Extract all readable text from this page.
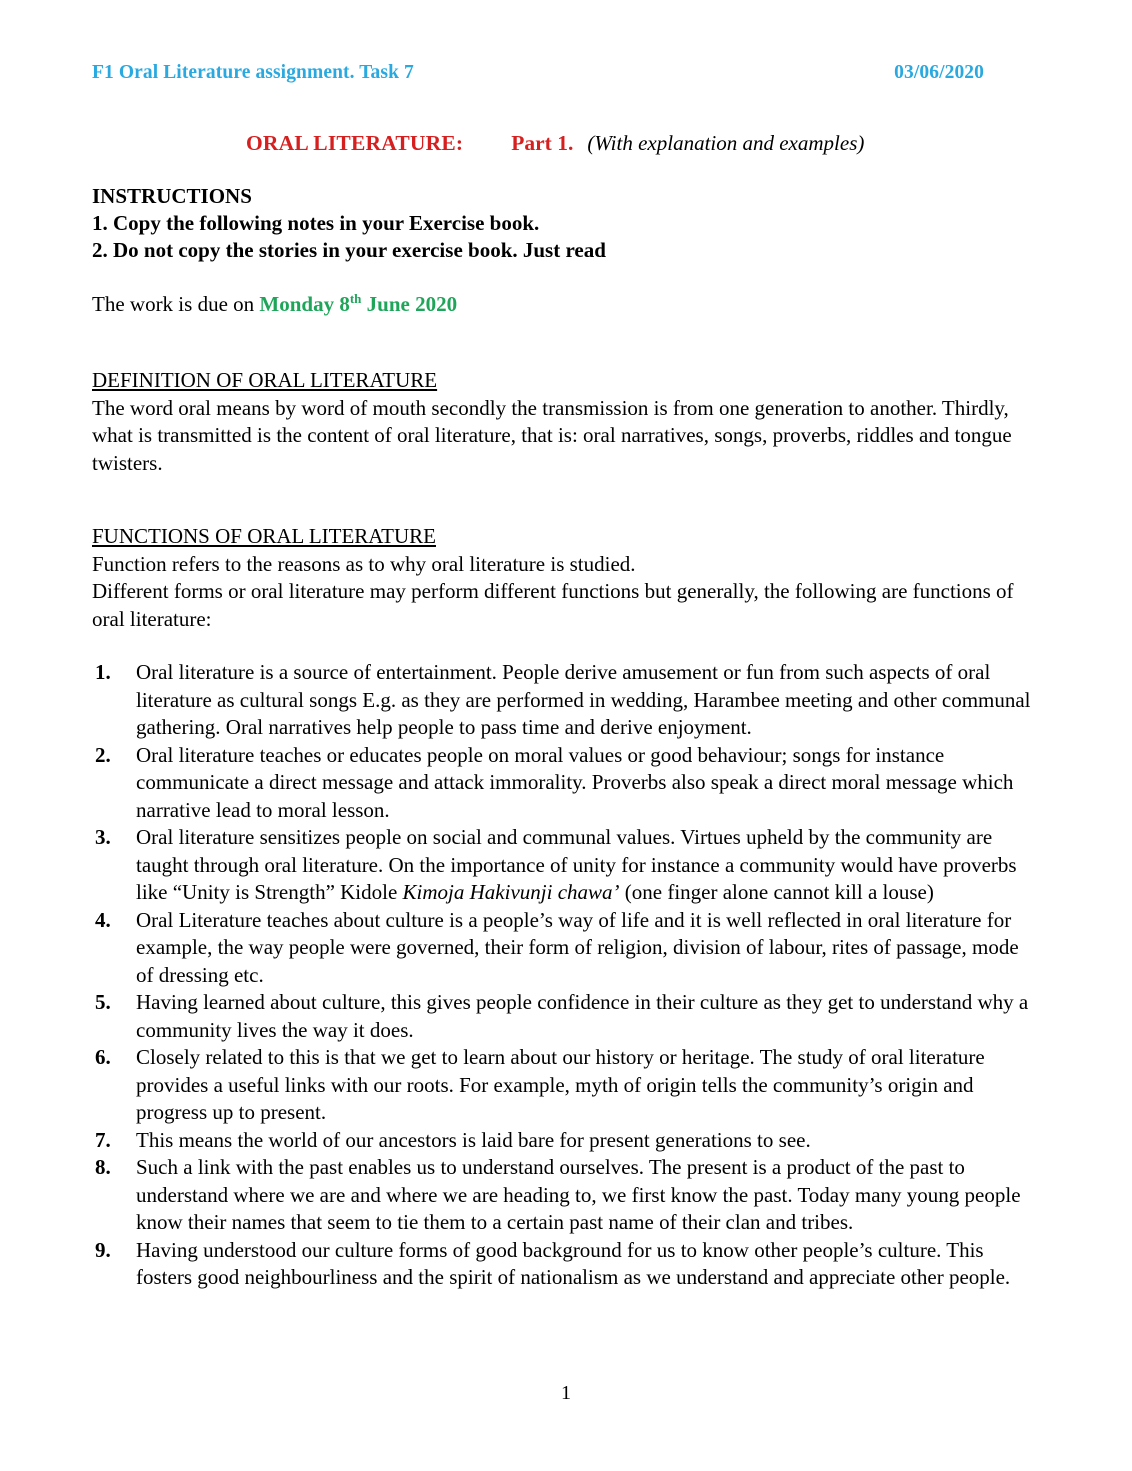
F1 Oral Literature assignment. Task 7	03/06/2020
ORAL LITERATURE: Part 1. (With explanation and examples)
INSTRUCTIONS
1. Copy the following notes in your Exercise book.
2. Do not copy the stories in your exercise book. Just read
The work is due on Monday 8th June 2020
DEFINITION OF ORAL LITERATURE
The word oral means by word of mouth secondly the transmission is from one generation to another. Thirdly, what is transmitted is the content of oral literature, that is: oral narratives, songs, proverbs, riddles and tongue twisters.
FUNCTIONS OF ORAL LITERATURE
Function refers to the reasons as to why oral literature is studied.
Different forms or oral literature may perform different functions but generally, the following are functions of oral literature:
Oral literature is a source of entertainment. People derive amusement or fun from such aspects of oral literature as cultural songs E.g. as they are performed in wedding, Harambee meeting and other communal gathering. Oral narratives help people to pass time and derive enjoyment.
Oral literature teaches or educates people on moral values or good behaviour; songs for instance communicate a direct message and attack immorality. Proverbs also speak a direct moral message which narrative lead to moral lesson.
Oral literature sensitizes people on social and communal values. Virtues upheld by the community are taught through oral literature. On the importance of unity for instance a community would have proverbs like “Unity is Strength” Kidole Kimoja Hakivunji chawa’ (one finger alone cannot kill a louse)
Oral Literature teaches about culture is a people’s way of life and it is well reflected in oral literature for example, the way people were governed, their form of religion, division of labour, rites of passage, mode of dressing etc.
Having learned about culture, this gives people confidence in their culture as they get to understand why a community lives the way it does.
Closely related to this is that we get to learn about our history or heritage. The study of oral literature provides a useful links with our roots. For example, myth of origin tells the community’s origin and progress up to present.
This means the world of our ancestors is laid bare for present generations to see.
Such a link with the past enables us to understand ourselves. The present is a product of the past to understand where we are and where we are heading to, we first know the past. Today many young people know their names that seem to tie them to a certain past name of their clan and tribes.
Having understood our culture forms of good background for us to know other people’s culture. This fosters good neighbourliness and the spirit of nationalism as we understand and appreciate other people.
1
